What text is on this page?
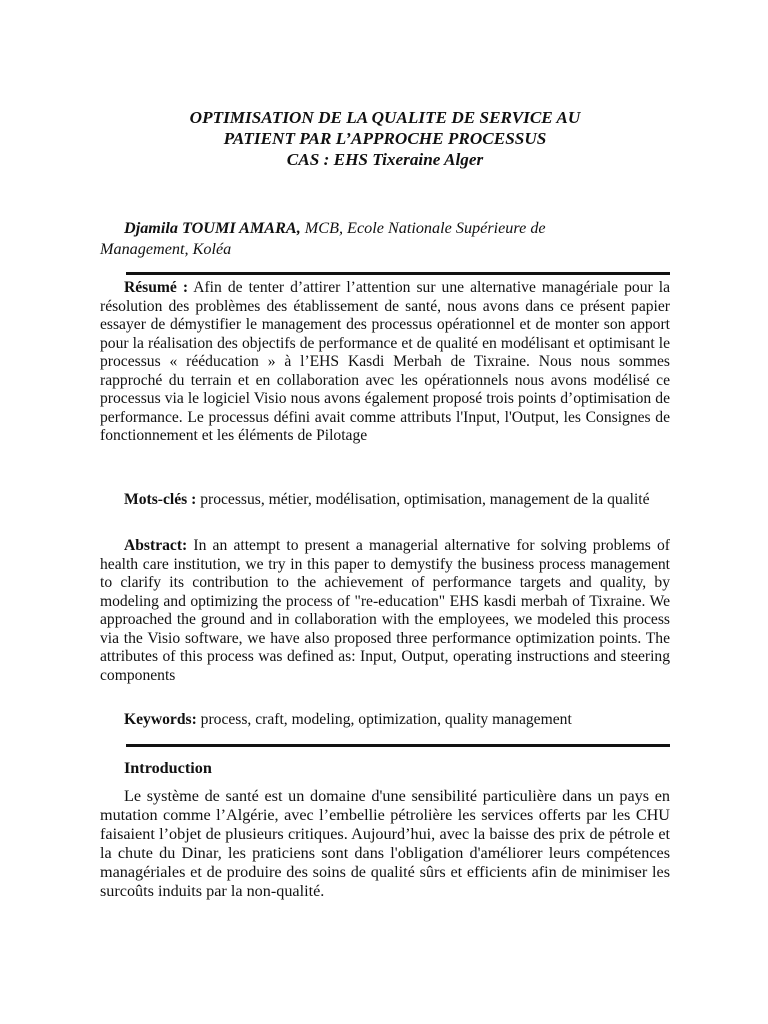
OPTIMISATION DE LA QUALITE DE SERVICE AU
PATIENT PAR L’APPROCHE PROCESSUS
CAS : EHS Tixeraine Alger
Djamila TOUMI AMARA, MCB, Ecole Nationale Supérieure de
Management, Koléa
Résumé : Afin de tenter d’attirer l’attention sur une alternative managériale pour la résolution des problèmes des établissement de santé, nous avons dans ce présent papier essayer de démystifier le management des processus opérationnel et de monter son apport pour la réalisation des objectifs de performance et de qualité en modélisant et optimisant le processus « rééducation » à l’EHS Kasdi Merbah de Tixraine. Nous nous sommes rapproché du terrain et en collaboration avec les opérationnels nous avons modélisé ce processus via le logiciel Visio nous avons également proposé trois points d’optimisation de performance. Le processus défini avait comme attributs l'Input, l'Output, les Consignes de fonctionnement et les éléments de Pilotage
Mots-clés : processus, métier, modélisation, optimisation, management de la qualité
Abstract: In an attempt to present a managerial alternative for solving problems of health care institution, we try in this paper to demystify the business process management to clarify its contribution to the achievement of performance targets and quality, by modeling and optimizing the process of "re-education" EHS kasdi merbah of Tixraine. We approached the ground and in collaboration with the employees, we modeled this process via the Visio software, we have also proposed three performance optimization points. The attributes of this process was defined as: Input, Output, operating instructions and steering components
Keywords: process, craft, modeling, optimization, quality management
Introduction
Le système de santé est un domaine d'une sensibilité particulière dans un pays en mutation comme l’Algérie, avec l’embellie pétrolière les services offerts par les CHU faisaient l’objet de plusieurs critiques. Aujourd’hui, avec la baisse des prix de pétrole et la chute du Dinar, les praticiens sont dans l'obligation d'améliorer leurs compétences managériales et de produire des soins de qualité sûrs et efficients afin de minimiser les surcoûts induits par la non-qualité.
